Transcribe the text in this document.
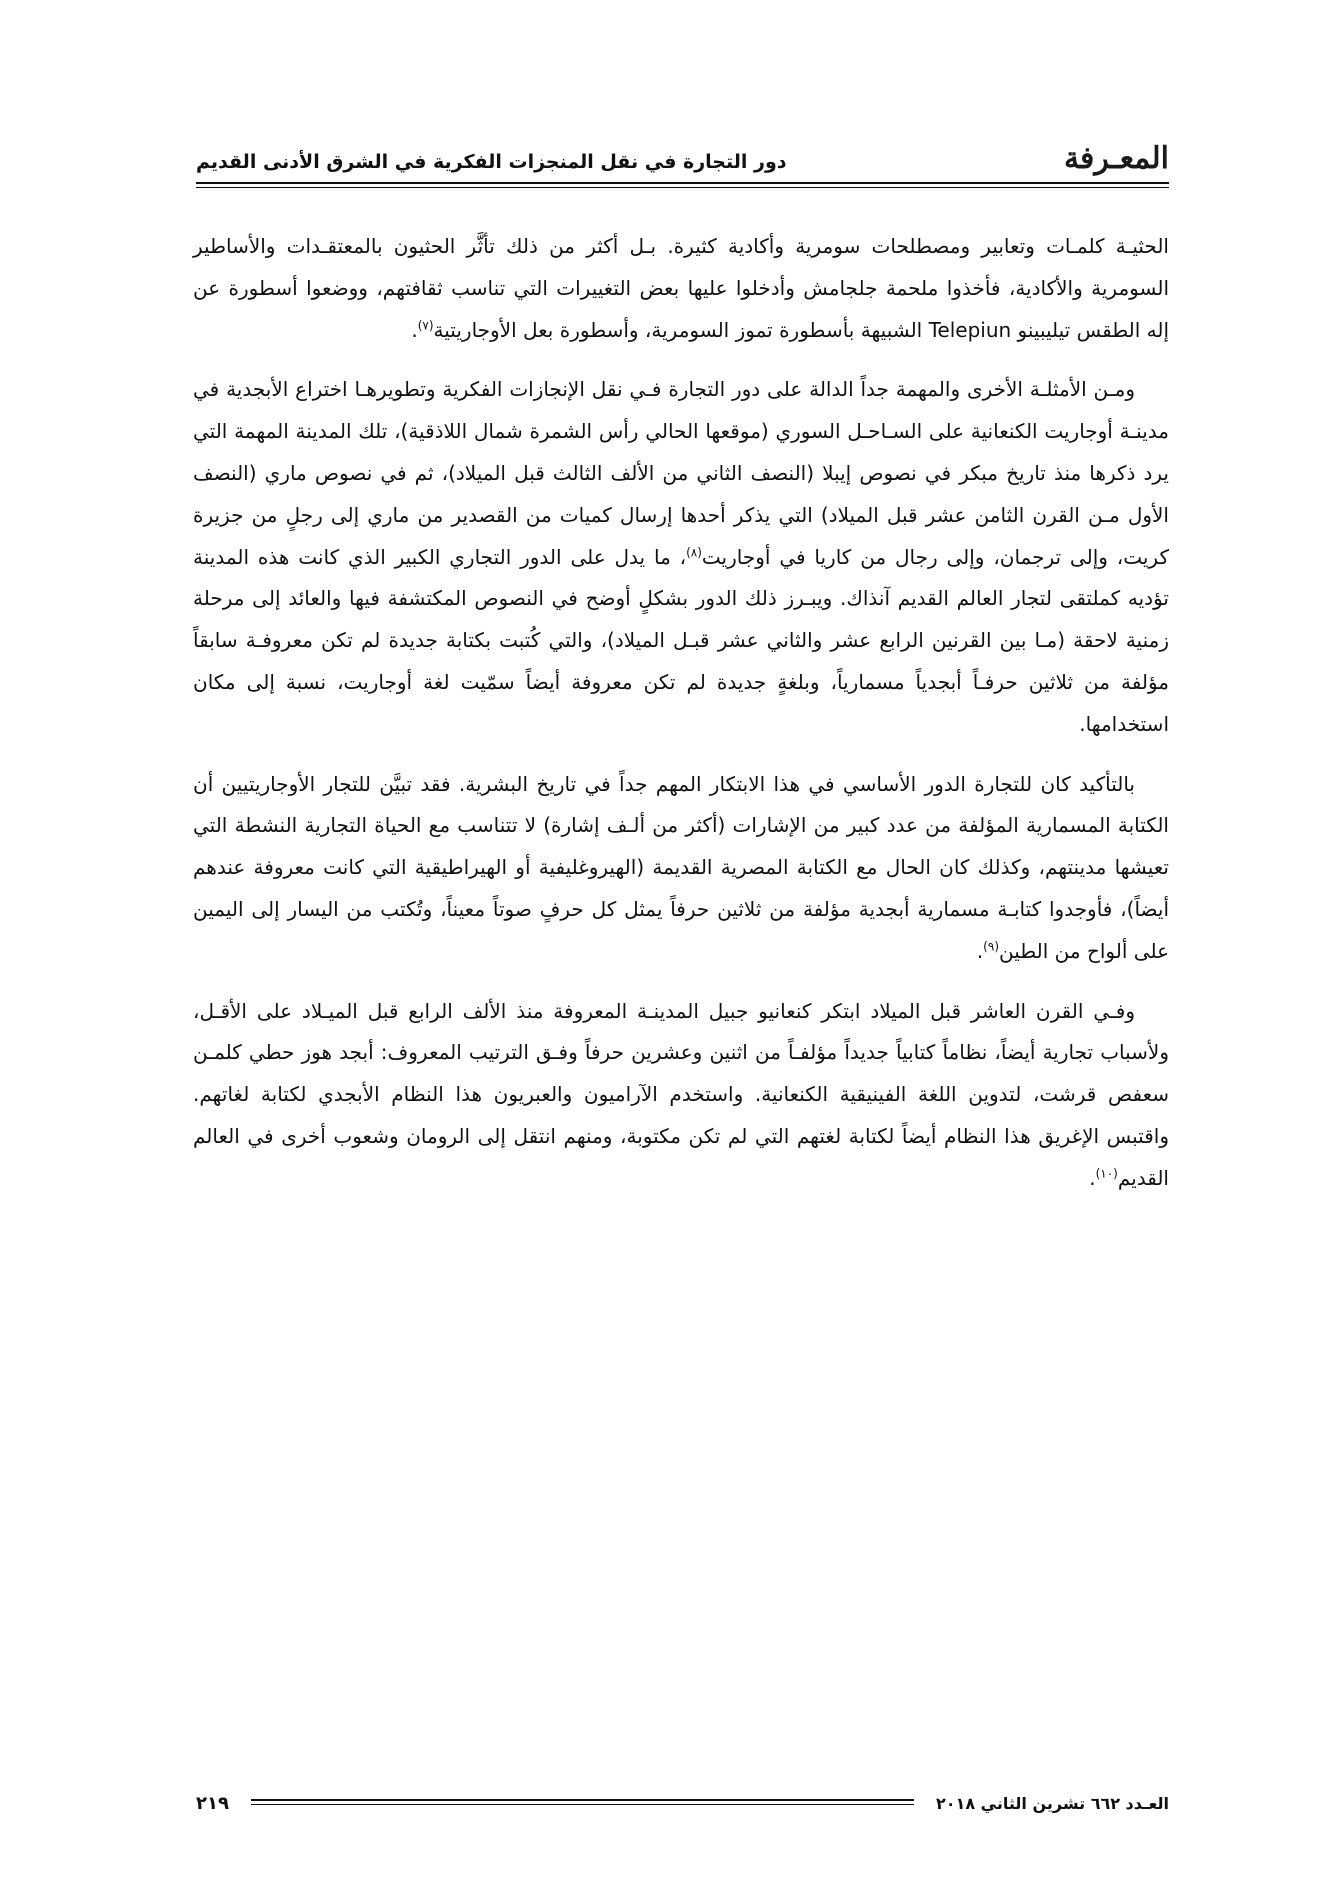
المعـرفة
دور التجارة في نقل المنجزات الفكرية في الشرق الأدنى القديم

الحثيـة كلمـات وتعابير ومصطلحات سومرية وأكادية كثيرة. بـل أكثر من ذلك تأثَّر الحثيون بالمعتقـدات والأساطير السومرية والأكادية، فأخذوا ملحمة جلجامش وأدخلوا عليها بعض التغييرات التي تناسب ثقافتهم، ووضعوا أسطورة عن إله الطقس تيليبينو Telepiun الشبيهة بأسطورة تموز السومرية، وأسطورة بعل الأوجاريتية$^{(٧)}$.

ومـن الأمثلـة الأخرى والمهمة جداً الدالة على دور التجارة فـي نقل الإنجازات الفكرية وتطويرهـا اختراع الأبجدية في مدينـة أوجاريت الكنعانية على السـاحـل السوري (موقعها الحالي رأس الشمرة شمال اللاذقية)، تلك المدينة المهمة التي يرد ذكرها منذ تاريخ مبكر في نصوص إيبلا (النصف الثاني من الألف الثالث قبل الميلاد)، ثم في نصوص ماري (النصف الأول مـن القرن الثامن عشر قبل الميلاد) التي يذكر أحدها إرسال كميات من القصدير من ماري إلى رجلٍ من جزيرة كريت، وإلى ترجمان، وإلى رجال من كاريا في أوجاريت$^{(٨)}$، ما يدل على الدور التجاري الكبير الذي كانت هذه المدينة تؤديه كملتقى لتجار العالم القديم آنذاك. ويبـرز ذلك الدور بشكلٍ أوضح في النصوص المكتشفة فيها والعائد إلى مرحلة زمنية لاحقة (مـا بين القرنين الرابع عشر والثاني عشر قبـل الميلاد)، والتي كُتبت بكتابة جديدة لم تكن معروفـة سابقاً مؤلفة من ثلاثين حرفـاً أبجدياً مسمارياً، وبلغةٍ جديدة لم تكن معروفة أيضاً سمّيت لغة أوجاريت، نسبة إلى مكان استخدامها.

بالتأكيد كان للتجارة الدور الأساسي في هذا الابتكار المهم جداً في تاريخ البشرية. فقد تبيَّن للتجار الأوجاريتيين أن الكتابة المسمارية المؤلفة من عدد كبير من الإشارات (أكثر من ألـف إشارة) لا تتناسب مع الحياة التجارية النشطة التي تعيشها مدينتهم، وكذلك كان الحال مع الكتابة المصرية القديمة (الهيروغليفية أو الهيراطيقية التي كانت معروفة عندهم أيضاً)، فأوجدوا كتابـة مسمارية أبجدية مؤلفة من ثلاثين حرفاً يمثل كل حرفٍ صوتاً معيناً، وتُكتب من اليسار إلى اليمين على ألواح من الطين$^{(٩)}$.

وفـي القرن العاشر قبل الميلاد ابتكر كنعانيو جبيل المدينـة المعروفة منذ الألف الرابع قبل الميـلاد على الأقـل، ولأسباب تجارية أيضاً، نظاماً كتابياً جديداً مؤلفـاً من اثنين وعشرين حرفاً وفـق الترتيب المعروف: أبجد هوز حطي كلمـن سعفص قرشت، لتدوين اللغة الفينيقية الكنعانية. واستخدم الآراميون والعبريون هذا النظام الأبجدي لكتابة لغاتهم. واقتبس الإغريق هذا النظام أيضاً لكتابة لغتهم التي لم تكن مكتوبة، ومنهم انتقل إلى الرومان وشعوب أخرى في العالم القديم$^{(١٠)}$.

العـدد ٦٦٢ تشرين الثاني ٢٠١٨
٢١٩
